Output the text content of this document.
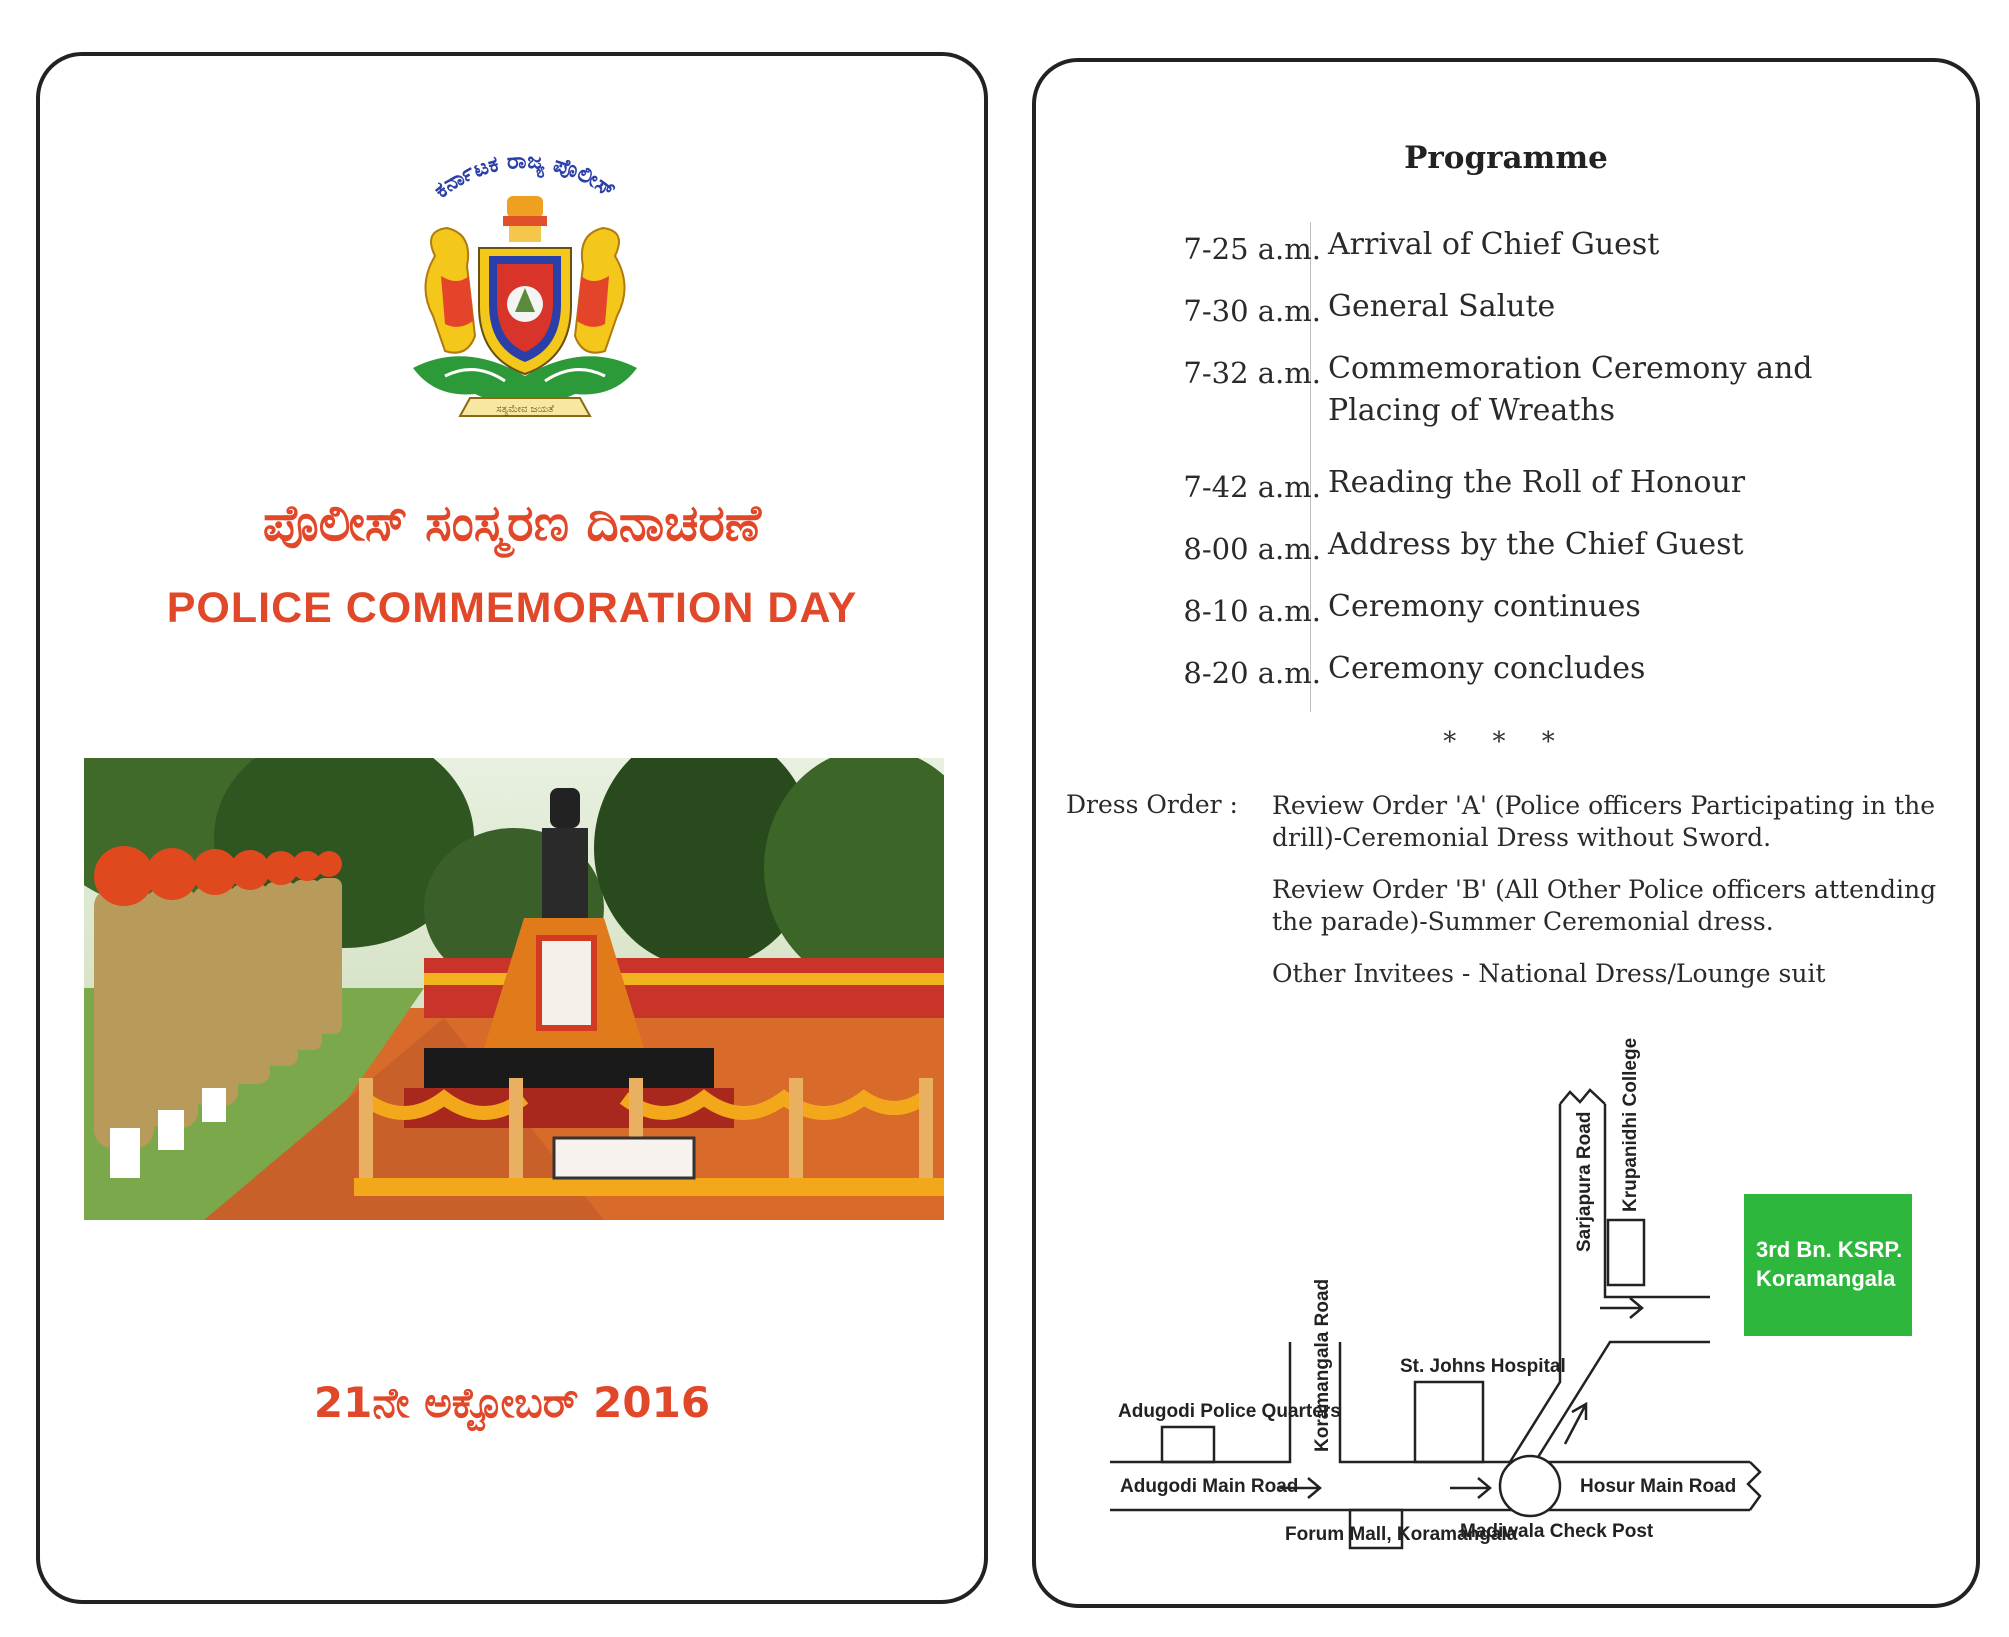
ಕರ್ನಾಟಕ ರಾಜ್ಯ ಪೊಲೀಸ್
ಸತ್ಯಮೇವ ಜಯತೆ
ಪೊಲೀಸ್ ಸಂಸ್ಮರಣ ದಿನಾಚರಣೆ
POLICE COMMEMORATION DAY
21ನೇ ಅಕ್ಟೋಬರ್ 2016
Programme
7-25 a.m. Arrival of Chief Guest
7-30 a.m. General Salute
7-32 a.m. Commemoration Ceremony and Placing of Wreaths
7-42 a.m. Reading the Roll of Honour
8-00 a.m. Address by the Chief Guest
8-10 a.m. Ceremony continues
8-20 a.m. Ceremony concludes
* * *
Dress Order : Review Order 'A' (Police officers Participating in the drill)-Ceremonial Dress without Sword.
Review Order 'B' (All Other Police officers attending the parade)-Summer Ceremonial dress.
Other Invitees - National Dress/Lounge suit
3rd Bn. KSRP.
Koramangala
Adugodi Police Quarters
Adugodi Main Road
St. Johns Hospital
Hosur Main Road
Madiwala Check Post
Forum Mall, Koramangala
Koramangala Road
Sarjapura Road Krupanidhi College
